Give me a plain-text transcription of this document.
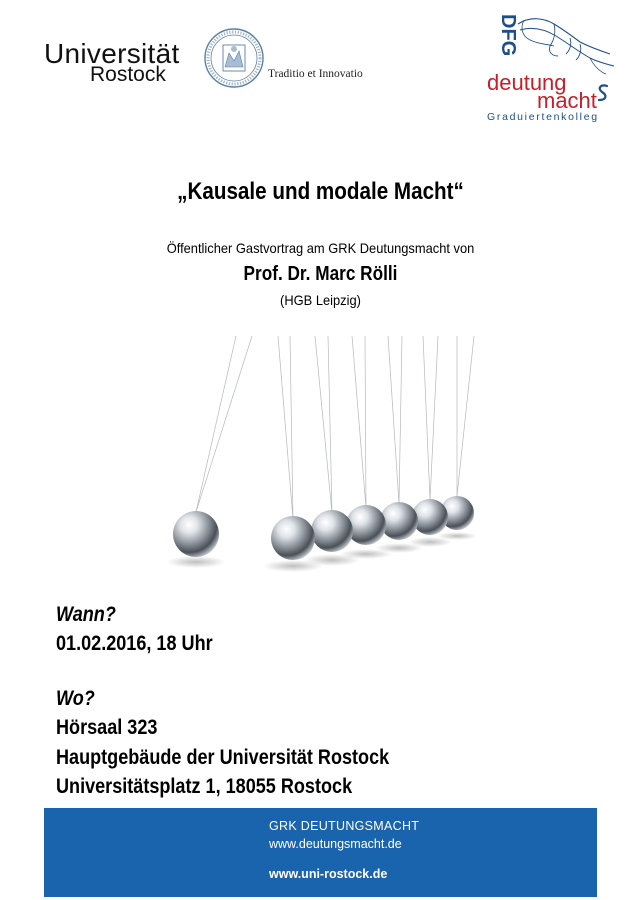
Universität
Rostock	Traditio et Innovatio
DFG
deutung
macht
Graduiertenkolleg
„Kausale und modale Macht“
Öffentlicher Gastvortrag am GRK Deutungsmacht von
Prof. Dr. Marc Rölli
(HGB Leipzig)
Wann?
01.02.2016, 18 Uhr
Wo?
Hörsaal 323
Hauptgebäude der Universität Rostock
Universitätsplatz 1, 18055 Rostock
GRK DEUTUNGSMACHT
www.deutungsmacht.de
www.uni-rostock.de
